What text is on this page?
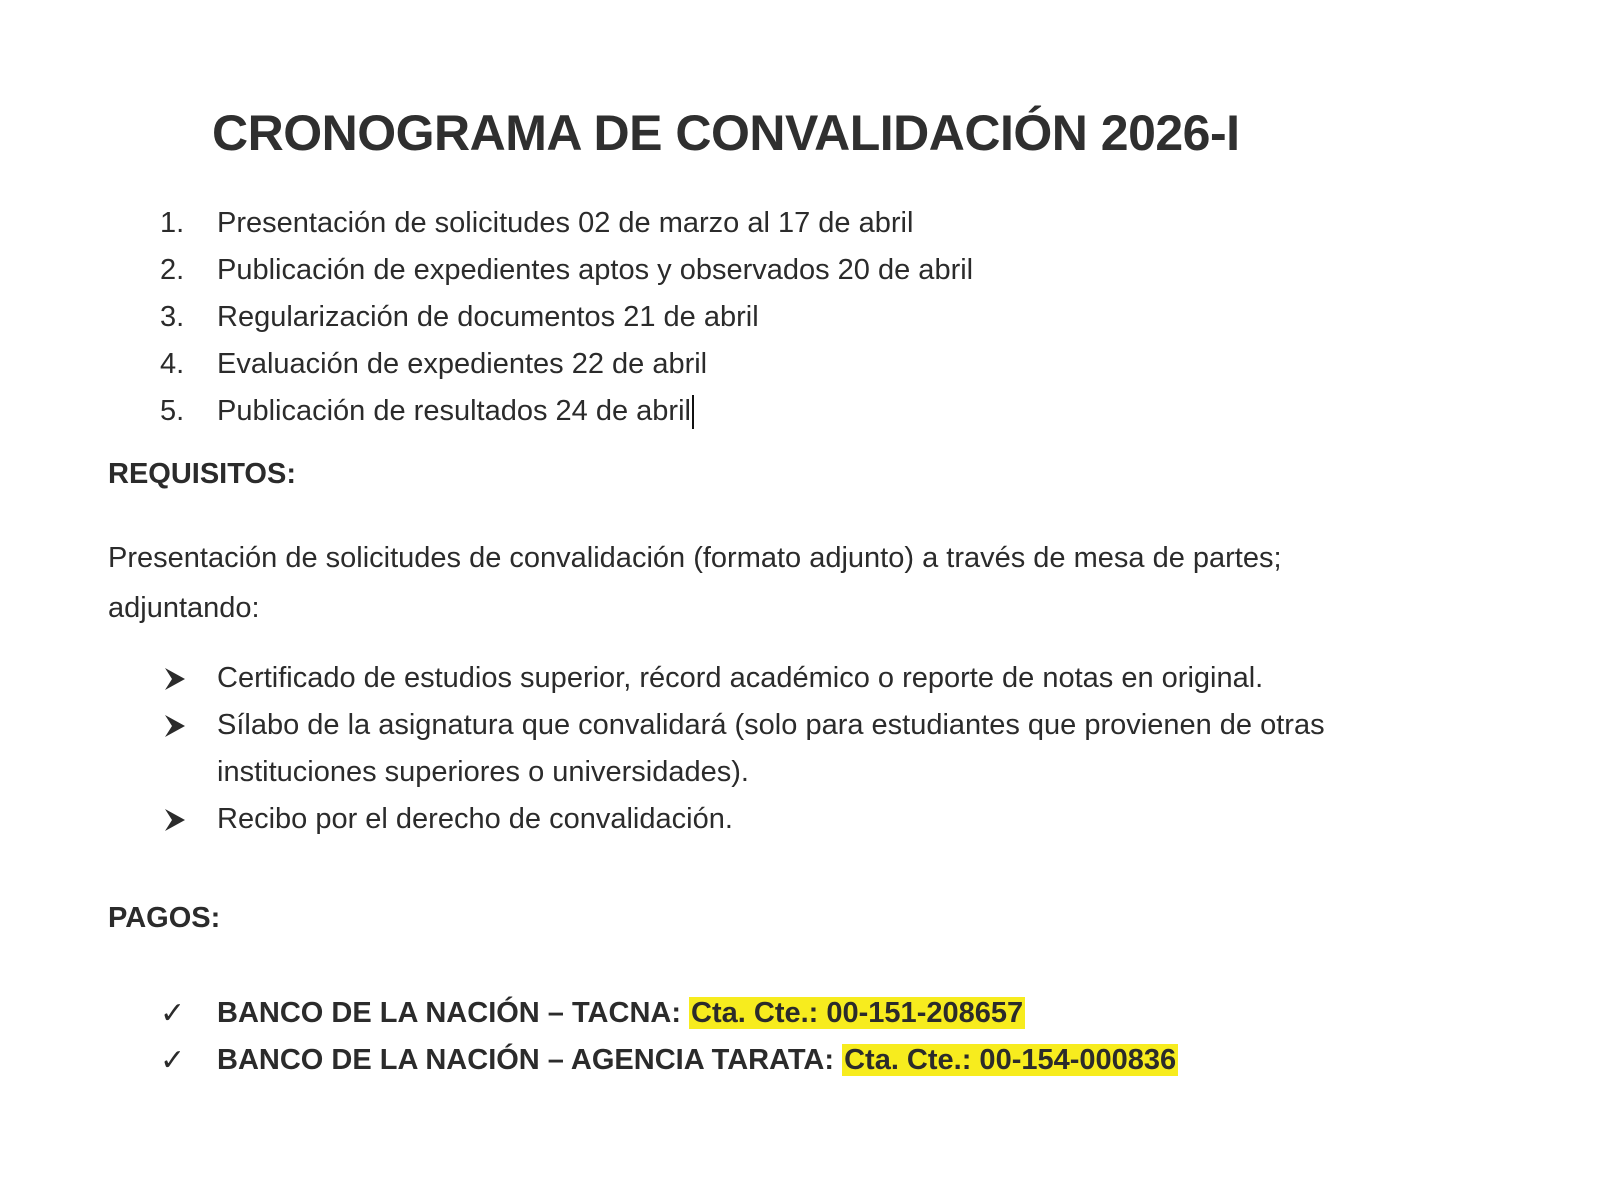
CRONOGRAMA DE CONVALIDACIÓN 2026-I
1. Presentación de solicitudes 02 de marzo al 17 de abril
2. Publicación de expedientes aptos y observados 20 de abril
3. Regularización de documentos 21 de abril
4. Evaluación de expedientes 22 de abril
5. Publicación de resultados 24 de abril
REQUISITOS:

Presentación de solicitudes de convalidación (formato adjunto) a través de mesa de partes; adjuntando:

Certificado de estudios superior, récord académico o reporte de notas en original.
Sílabo de la asignatura que convalidará (solo para estudiantes que provienen de otras instituciones superiores o universidades).
Recibo por el derecho de convalidación.
PAGOS:
✓ BANCO DE LA NACIÓN – TACNA: Cta. Cte.: 00-151-208657
✓ BANCO DE LA NACIÓN – AGENCIA TARATA: Cta. Cte.: 00-154-000836
